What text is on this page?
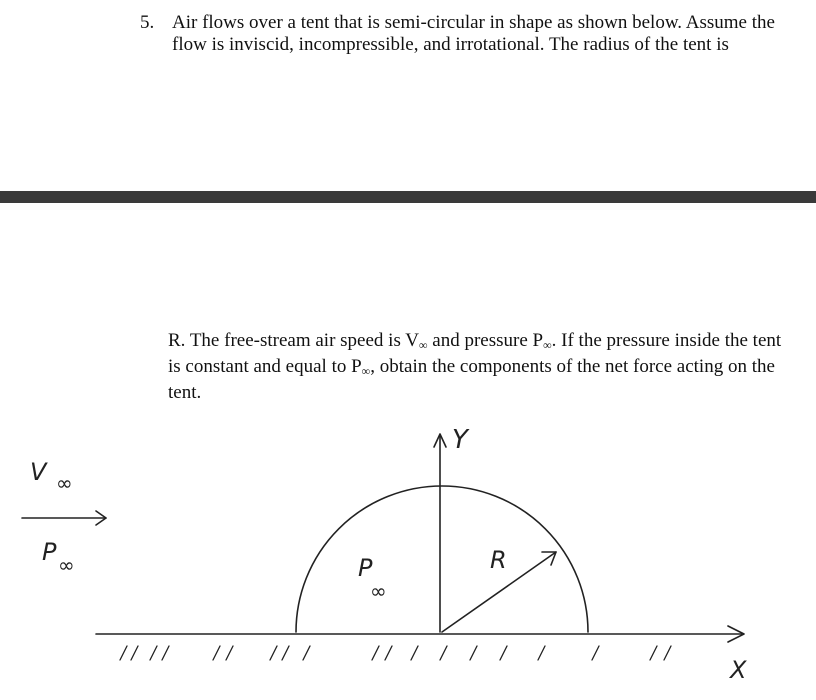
5. Air flows over a tent that is semi-circular in shape as shown below. Assume the flow is inviscid, incompressible, and irrotational. The radius of the tent is
R. The free-stream air speed is $V_\infty$ and pressure $P_\infty$. If the pressure inside the tent is constant and equal to $P_\infty$, obtain the components of the net force acting on the tent.
V ∞
P ∞	P
∞
R
Y
X
